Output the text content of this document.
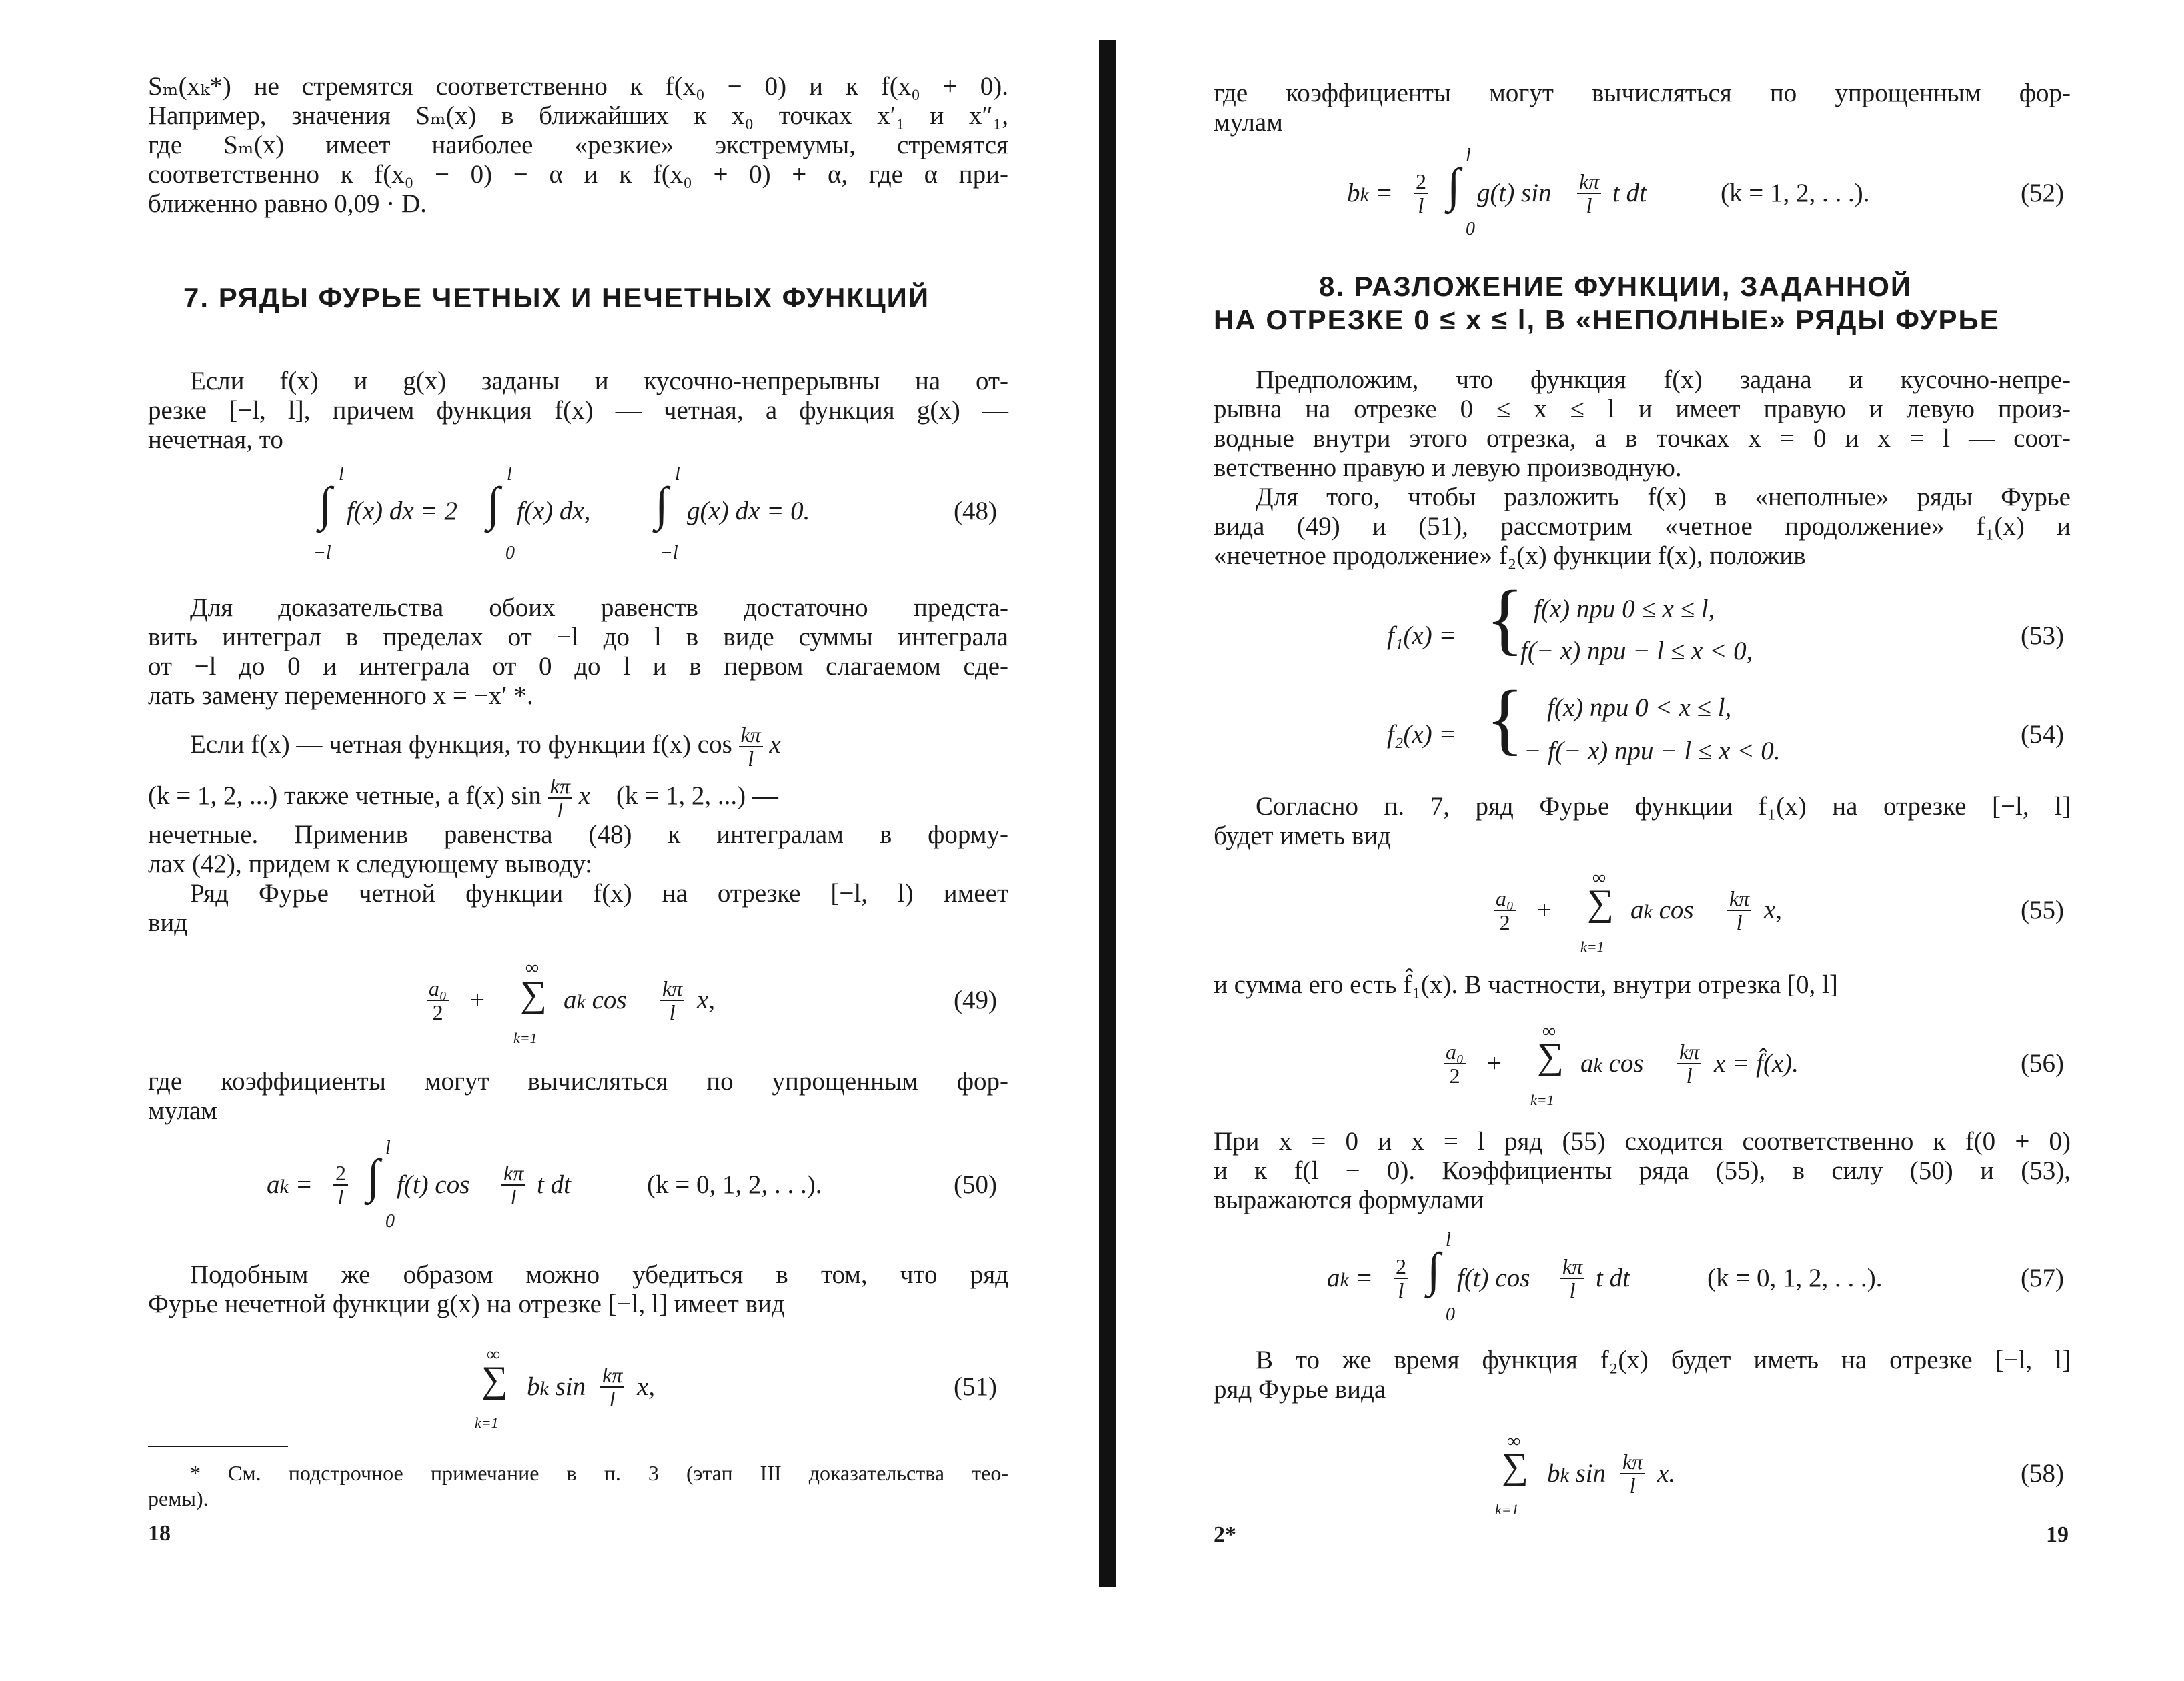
Sₘ(xₖ*) не стремятся соответственно к f(x₀ − 0) и к f(x₀ + 0).
Например, значения Sₘ(x) в ближайших к x₀ точках x′₁ и x″₁,
где Sₘ(x) имеет наиболее «резкие» экстремумы, стремятся
соответственно к f(x₀ − 0) − α и к f(x₀ + 0) + α, где α при-
ближенно равно 0,09 · D.
7. РЯДЫ ФУРЬЕ ЧЕТНЫХ И НЕЧЕТНЫХ ФУНКЦИЙ
Если f(x) и g(x) заданы и кусочно-непрерывны на от-
резке [−l, l], причем функция f(x) — четная, а функция g(x) —
нечетная, то
l
∫
−l
f(x) dx = 2
l
∫
0
f(x) dx,
l
∫
−l
g(x) dx = 0.	(48)
Для доказательства обоих равенств достаточно предста-
вить интеграл в пределах от −l до l в виде суммы интеграла
от −l до 0 и интеграла от 0 до l и в первом слагаемом сде-
лать замену переменного x = −x′ *.
Если f(x) — четная функция, то функции f(x) $\cos \frac{k\pi}{l}$ x
(k = 1, 2, ...) также четные, а f(x) $\sin \frac{k\pi}{l}$ x (k = 1, 2, ...) —
нечетные. Применив равенства (48) к интегралам в форму-
лах (42), придем к следующему выводу:
Ряд Фурье четной функции f(x) на отрезке [−l, l) имеет
вид
$\frac{\text{a₀}}{2}$ +
∞
∑
k=1
ak $\cos \frac{k\pi}{l} x$,	(49)
где коэффициенты могут вычисляться по упрощенным фор-
мулам
ak = $\frac{2}{l}$
l
∫
0
f(t) $\cos \frac{k\pi}{l}$ t dt	(k = 0, 1, 2, . . .).	(50)
Подобным же образом можно убедиться в том, что ряд
Фурье нечетной функции g(x) на отрезке [−l, l] имеет вид
∞
∑
k=1
bk $\sin \frac{k\pi}{l} x$,	(51)
* См. подстрочное примечание в п. 3 (этап III доказательства тео-
ремы).
18
где коэффициенты могут вычисляться по упрощенным фор-
мулам
bk = $\frac{2}{l}$
l
∫
0
g(t) $\sin \frac{k\pi}{l}$ t dt	(k = 1, 2, . . .).	(52)
8. РАЗЛОЖЕНИЕ ФУНКЦИИ, ЗАДАННОЙ
НА ОТРЕЗКЕ 0 ≤ x ≤ l, В «НЕПОЛНЫЕ» РЯДЫ ФУРЬЕ
Предположим, что функция f(x) задана и кусочно-непре-
рывна на отрезке 0 ≤ x ≤ l и имеет правую и левую произ-
водные внутри этого отрезка, а в точках x = 0 и x = l — соот-
ветственно правую и левую производную.
Для того, чтобы разложить f(x) в «неполные» ряды Фурье
вида (49) и (51), рассмотрим «четное продолжение» f₁(x) и
«нечетное продолжение» f₂(x) функции f(x), положив
f₁(x) = { f(x) при 0 ≤ x ≤ l,
f(− x) при − l ≤ x < 0,
(53)
f₂(x) = { f(x) при 0 < x ≤ l,
− f(− x) при − l ≤ x < 0.
(54)
Согласно п. 7, ряд Фурье функции f₁(x) на отрезке [−l, l]
будет иметь вид
$\frac{\text{a₀}}{2}$ +
∞
∑
k=1
ak $\cos \frac{k\pi}{l} x$,	(55)
и сумма его есть f̂₁(x). В частности, внутри отрезка [0, l]
$\frac{\text{a₀}}{2}$ +
∞
∑
k=1
ak $\cos \frac{k\pi}{l}$ x = f̂(x).	(56)
При x = 0 и x = l ряд (55) сходится соответственно к f(0 + 0)
и к f(l − 0). Коэффициенты ряда (55), в силу (50) и (53),
выражаются формулами
ak = $\frac{2}{l}$
l
∫
0
f(t) $\cos \frac{k\pi}{l}$ t dt	(k = 0, 1, 2, . . .).	(57)
В то же время функция f₂(x) будет иметь на отрезке [−l, l]
ряд Фурье вида
∞
∑
k=1
bk $\sin \frac{k\pi}{l} x$.	(58)
2*	19
